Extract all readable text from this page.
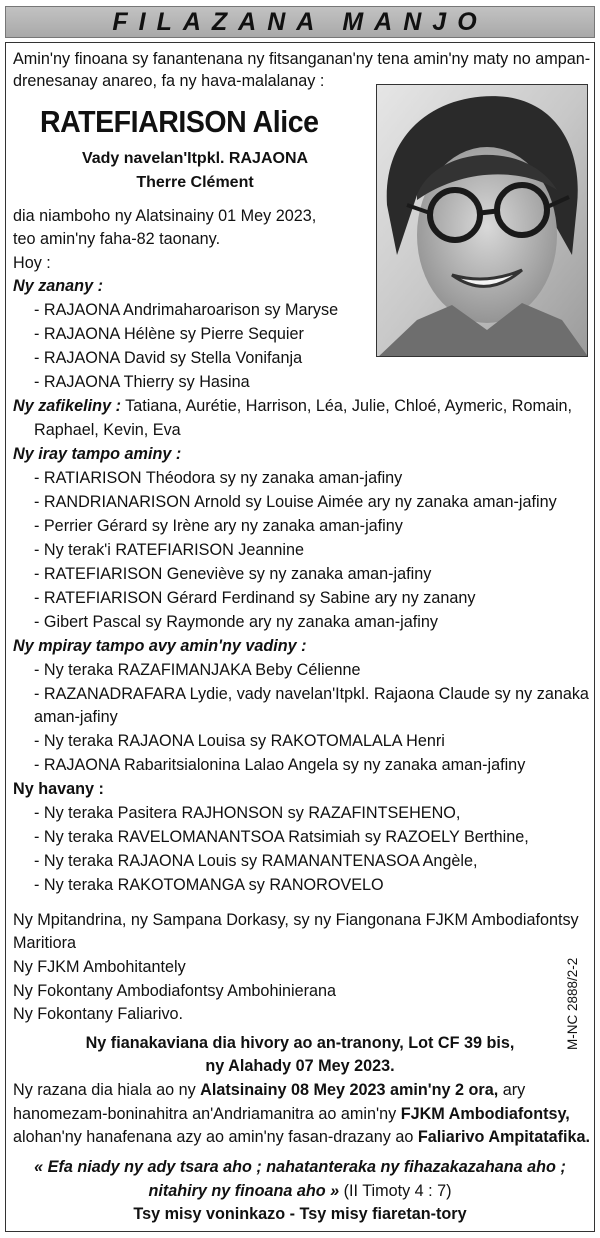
FILAZANA MANJO
Amin'ny finoana sy fanantenana ny fitsanganan'ny tena amin'ny maty no ampan-
drenesanay anareo, fa ny hava-malalanay :
RATEFIARISON Alice
Vady navelan'Itpkl. RAJAONA
Therre Clément
dia niamboho ny Alatsinainy 01 Mey 2023,
teo amin'ny faha-82 taonany.
Hoy :
Ny zanany :
- RAJAONA Andrimaharoarison sy Maryse
- RAJAONA Hélène sy Pierre Sequier
- RAJAONA David sy Stella Vonifanja
- RAJAONA Thierry sy Hasina
Ny zafikeliny : Tatiana, Aurétie, Harrison, Léa, Julie, Chloé, Aymeric, Romain,
Raphael, Kevin, Eva
Ny iray tampo aminy :
- RATIARISON Théodora sy ny zanaka aman-jafiny
- RANDRIANARISON Arnold sy Louise Aimée ary ny zanaka aman-jafiny
- Perrier Gérard sy Irène ary ny zanaka aman-jafiny
- Ny terak'i RATEFIARISON Jeannine
- RATEFIARISON Geneviève sy ny zanaka aman-jafiny
- RATEFIARISON Gérard Ferdinand sy Sabine ary ny zanany
- Gibert Pascal sy Raymonde ary ny zanaka aman-jafiny
Ny mpiray tampo avy amin'ny vadiny :
- Ny teraka RAZAFIMANJAKA Beby Célienne
- RAZANADRAFARA Lydie, vady navelan'Itpkl. Rajaona Claude sy ny zanaka
aman-jafiny
- Ny teraka RAJAONA Louisa sy RAKOTOMALALA Henri
- RAJAONA Rabaritsialonina Lalao Angela sy ny zanaka aman-jafiny
Ny havany :
- Ny teraka Pasitera RAJHONSON sy RAZAFINTSEHENO,
- Ny teraka RAVELOMANANTSOA Ratsimiah sy RAZOELY Berthine,
- Ny teraka RAJAONA Louis sy RAMANANTENASOA Angèle,
- Ny teraka RAKOTOMANGA sy RANOROVELO
Ny Mpitandrina, ny Sampana Dorkasy, sy ny Fiangonana FJKM Ambodiafontsy
Maritiora
Ny FJKM Ambohitantely
Ny Fokontany Ambodiafontsy Ambohinierana
Ny Fokontany Faliarivo.	M-NC 2888/2-2
Ny fianakaviana dia hivory ao an-tranony, Lot CF 39 bis,
ny Alahady 07 Mey 2023.
Ny razana dia hiala ao ny Alatsinainy 08 Mey 2023 amin'ny 2 ora, ary
hanomezam-boninahitra an'Andriamanitra ao amin'ny FJKM Ambodiafontsy,
alohan'ny hanafenana azy ao amin'ny fasan-drazany ao Faliarivo Ampitatafika.
« Efa niady ny ady tsara aho ; nahatanteraka ny fihazakazahana aho ;
nitahiry ny finoana aho » (II Timoty 4 : 7)
Tsy misy voninkazo - Tsy misy fiaretan-tory
